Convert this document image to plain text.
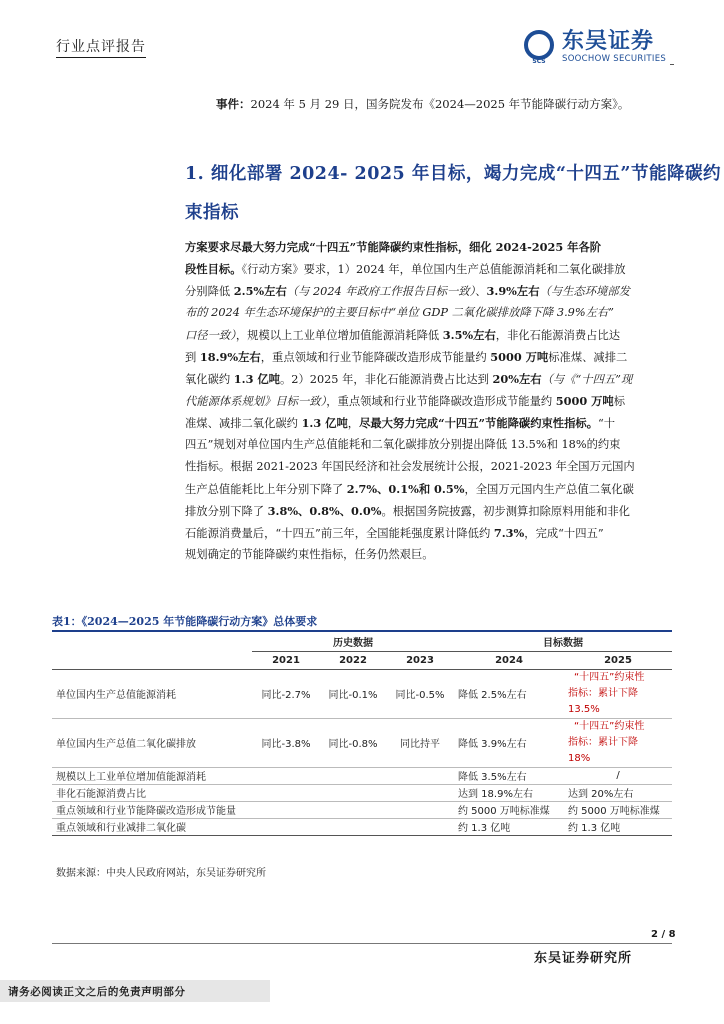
行业点评报告
SCS
东吴证券
SOOCHOW SECURITIES
事件：2024 年 5 月 29 日，国务院发布《2024—2025 年节能降碳行动方案》。
1. 细化部署 2024- 2025 年目标，竭力完成“十四五”节能降碳约
束指标
方案要求尽最大努力完成“十四五”节能降碳约束性指标，细化 2024-2025 年各阶
段性目标。《行动方案》要求，1）2024 年，单位国内生产总值能源消耗和二氧化碳排放
分别降低 2.5%左右（与 2024 年政府工作报告目标一致）、3.9%左右（与生态环境部发
布的 2024 年生态环境保护的主要目标中“单位 GDP 二氧化碳排放降下降 3.9%左右”
口径一致），规模以上工业单位增加值能源消耗降低 3.5%左右，非化石能源消费占比达
到 18.9%左右，重点领域和行业节能降碳改造形成节能量约 5000 万吨标准煤、减排二
氧化碳约 1.3 亿吨。2）2025 年，非化石能源消费占比达到 20%左右（与《“十四五”现
代能源体系规划》目标一致），重点领域和行业节能降碳改造形成节能量约 5000 万吨标
准煤、减排二氧化碳约 1.3 亿吨，尽最大努力完成“十四五”节能降碳约束性指标。“十
四五”规划对单位国内生产总值能耗和二氧化碳排放分别提出降低 13.5%和 18%的约束
性指标。根据 2021-2023 年国民经济和社会发展统计公报，2021-2023 年全国万元国内
生产总值能耗比上年分别下降了 2.7%、0.1%和 0.5%，全国万元国内生产总值二氧化碳
排放分别下降了 3.8%、0.8%、0.0%。根据国务院披露，初步测算扣除原料用能和非化
石能源消费量后，“十四五”前三年，全国能耗强度累计降低约 7.3%，完成“十四五”
规划确定的节能降碳约束性指标，任务仍然艰巨。
表1：《2024—2025 年节能降碳行动方案》总体要求
	历史数据			目标数据	
	2021	2022	2023	2024	2025
单位国内生产总值能源消耗	同比-2.7%	同比-0.1%	同比-0.5%	降低 2.5%左右	“十四五”约束性
指标：累计下降
13.5%

单位国内生产总值二氧化碳排放	同比-3.8%	同比-0.8%	同比持平	降低 3.9%左右	“十四五”约束性
指标：累计下降
18%

规模以上工业单位增加值能源消耗				降低 3.5%左右	/
非化石能源消费占比				达到 18.9%左右	达到 20%左右
重点领域和行业节能降碳改造形成节能量				约 5000 万吨标准煤	约 5000 万吨标准煤
重点领域和行业减排二氧化碳				约 1.3 亿吨	约 1.3 亿吨
数据来源：中央人民政府网站，东吴证券研究所
2 / 8
东吴证券研究所
请务必阅读正文之后的免责声明部分
